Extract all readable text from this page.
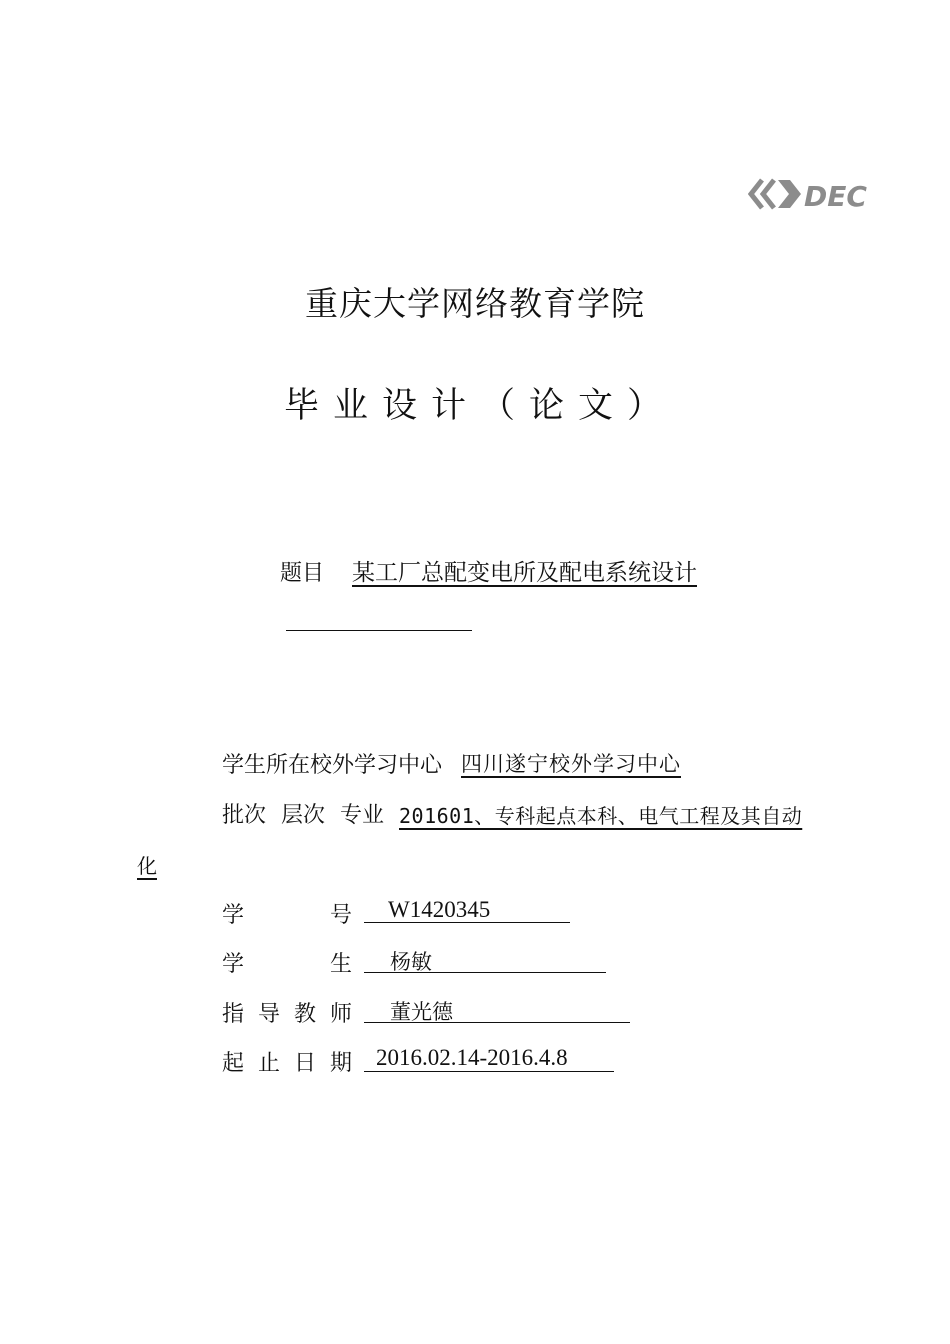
DEC
重庆大学网络教育学院
毕业设计（论文）
题目	某工厂总配变电所及配电系统设计
学生所在校外学习中心 四川遂宁校外学习中心
批次 层次 专业 201601、专科起点本科、电气工程及其自动
化
学	号	W1420345
学	生	杨敏
指 导 教 师	董光德
起 止 日 期	2016.02.14-2016.4.8
